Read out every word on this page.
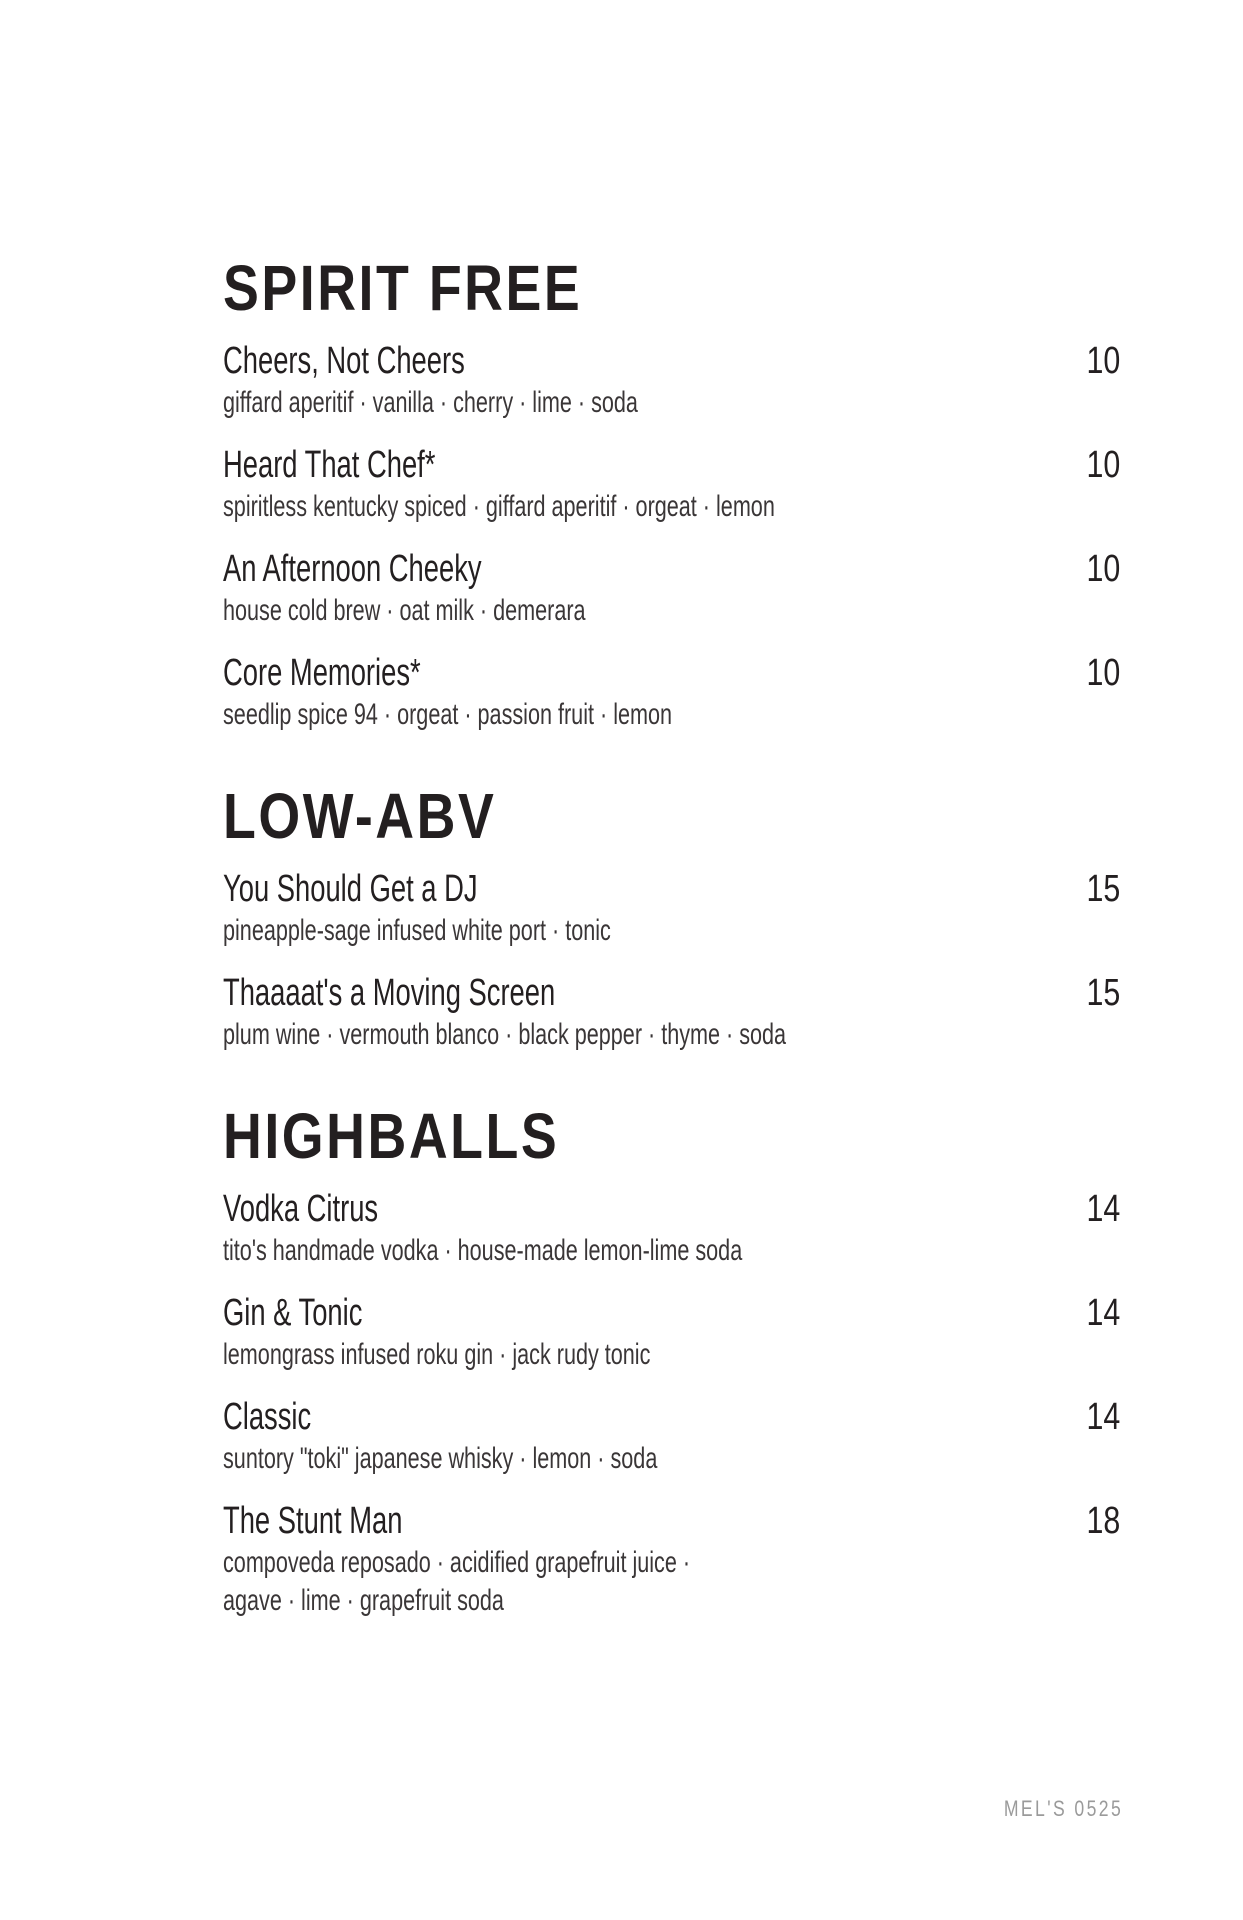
SPIRIT FREE
Cheers, Not Cheers	10
giffard aperitif · vanilla · cherry · lime · soda
Heard That Chef*	10
spiritless kentucky spiced · giffard aperitif · orgeat · lemon
An Afternoon Cheeky	10
house cold brew · oat milk · demerara
Core Memories*	10
seedlip spice 94 · orgeat · passion fruit · lemon
LOW-ABV
You Should Get a DJ	15
pineapple-sage infused white port · tonic
Thaaaat's a Moving Screen	15
plum wine · vermouth blanco · black pepper · thyme · soda
HIGHBALLS
Vodka Citrus	14
tito's handmade vodka · house-made lemon-lime soda
Gin & Tonic	14
lemongrass infused roku gin · jack rudy tonic
Classic	14
suntory "toki" japanese whisky · lemon · soda
The Stunt Man	18
compoveda reposado · acidified grapefruit juice ·
agave · lime · grapefruit soda
MEL'S 0525
